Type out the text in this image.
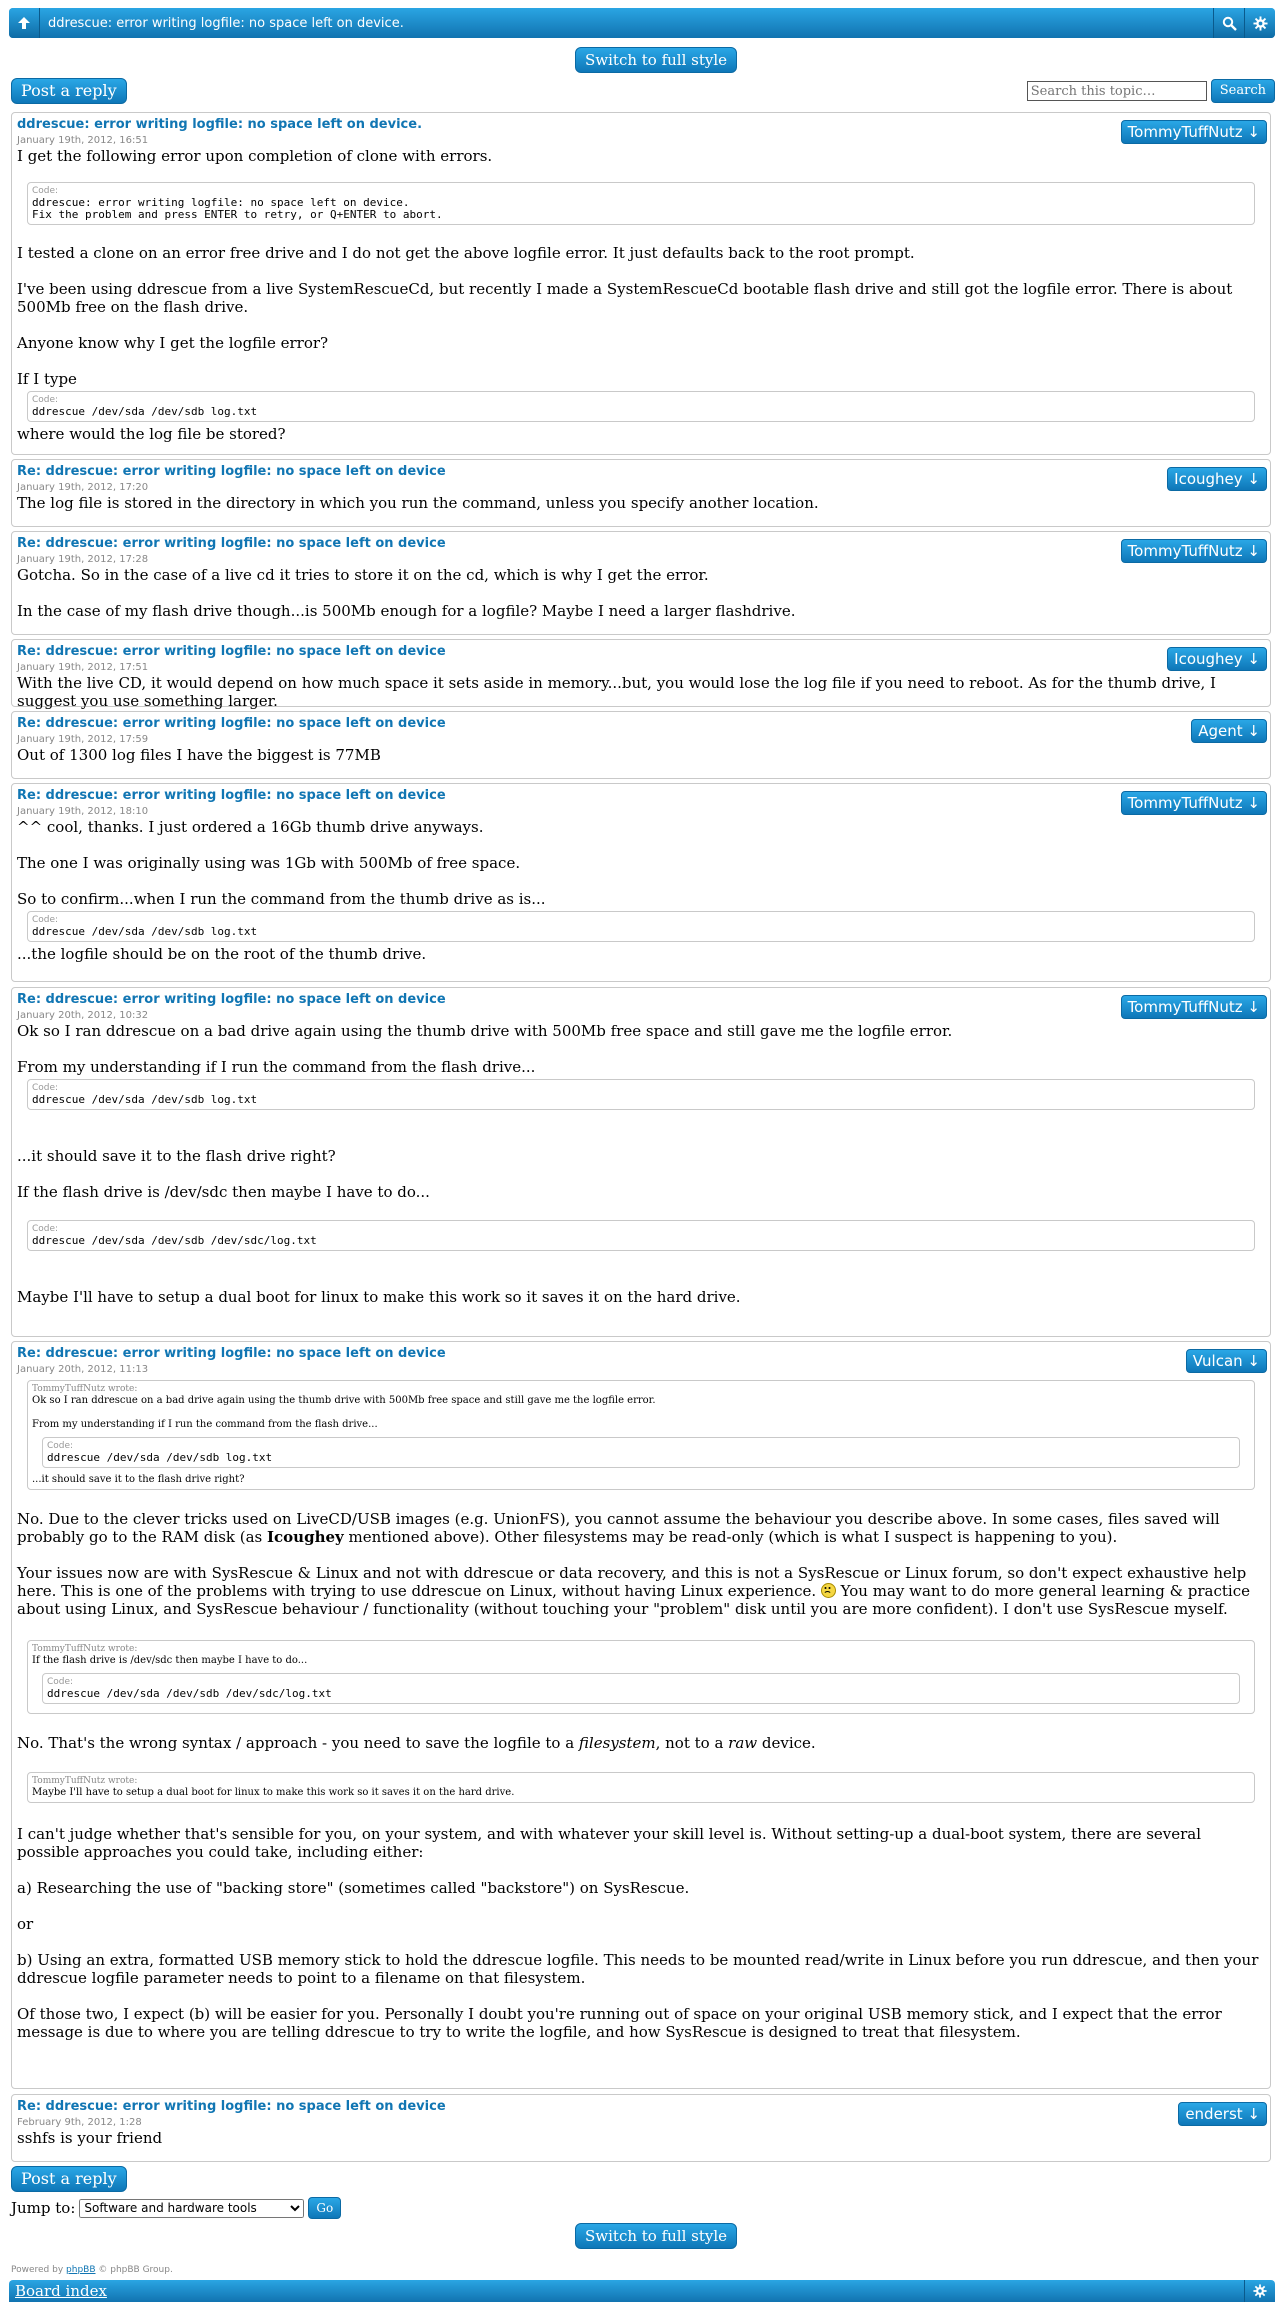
ddrescue: error writing logfile: no space left on device.
Switch to full style
Post a reply
Search this topic…	Search
ddrescue: error writing logfile: no space left on device.
January 19th, 2012, 16:51	TommyTuffNutz ↓

I get the following error upon completion of clone with errors.

Code:
ddrescue: error writing logfile: no space left on device.
Fix the problem and press ENTER to retry, or Q+ENTER to abort.

I tested a clone on an error free drive and I do not get the above logfile error. It just defaults back to the root prompt.

I've been using ddrescue from a live SystemRescueCd, but recently I made a SystemRescueCd bootable flash drive and still got the logfile error. There is about 500Mb free on the flash drive.

Anyone know why I get the logfile error?

If I type

Code:
ddrescue /dev/sda /dev/sdb log.txt

where would the log file be stored?

Re: ddrescue: error writing logfile: no space left on device
January 19th, 2012, 17:20	Icoughey ↓

The log file is stored in the directory in which you run the command, unless you specify another location.

Re: ddrescue: error writing logfile: no space left on device
January 19th, 2012, 17:28	TommyTuffNutz ↓

Gotcha. So in the case of a live cd it tries to store it on the cd, which is why I get the error.

In the case of my flash drive though...is 500Mb enough for a logfile? Maybe I need a larger flashdrive.

Re: ddrescue: error writing logfile: no space left on device
January 19th, 2012, 17:51	Icoughey ↓

With the live CD, it would depend on how much space it sets aside in memory...but, you would lose the log file if you need to reboot. As for the thumb drive, I suggest you use something larger.

Re: ddrescue: error writing logfile: no space left on device
January 19th, 2012, 17:59	Agent ↓

Out of 1300 log files I have the biggest is 77MB

Re: ddrescue: error writing logfile: no space left on device
January 19th, 2012, 18:10	TommyTuffNutz ↓

^^ cool, thanks. I just ordered a 16Gb thumb drive anyways.

The one I was originally using was 1Gb with 500Mb of free space.

So to confirm...when I run the command from the thumb drive as is...

Code:
ddrescue /dev/sda /dev/sdb log.txt

...the logfile should be on the root of the thumb drive.

Re: ddrescue: error writing logfile: no space left on device
January 20th, 2012, 10:32	TommyTuffNutz ↓

Ok so I ran ddrescue on a bad drive again using the thumb drive with 500Mb free space and still gave me the logfile error.

From my understanding if I run the command from the flash drive...

Code:
ddrescue /dev/sda /dev/sdb log.txt

...it should save it to the flash drive right?

If the flash drive is /dev/sdc then maybe I have to do...

Code:
ddrescue /dev/sda /dev/sdb /dev/sdc/log.txt

Maybe I'll have to setup a dual boot for linux to make this work so it saves it on the hard drive.

Re: ddrescue: error writing logfile: no space left on device
January 20th, 2012, 11:13	Vulcan ↓
TommyTuffNutz wrote:

Ok so I ran ddrescue on a bad drive again using the thumb drive with 500Mb free space and still gave me the logfile error.

From my understanding if I run the command from the flash drive...

Code:
ddrescue /dev/sda /dev/sdb log.txt

...it should save it to the flash drive right?

No. Due to the clever tricks used on LiveCD/USB images (e.g. UnionFS), you cannot assume the behaviour you describe above. In some cases, files saved will probably go to the RAM disk (as Icoughey mentioned above). Other filesystems may be read-only (which is what I suspect is happening to you).

Your issues now are with SysRescue & Linux and not with ddrescue or data recovery, and this is not a SysRescue or Linux forum, so don't expect exhaustive help here. This is one of the problems with trying to use ddrescue on Linux, without having Linux experience.
You may want to do more general learning & practice about using Linux, and SysRescue behaviour / functionality (without touching your "problem" disk until you are more confident). I don't use SysRescue myself.

TommyTuffNutz wrote:

If the flash drive is /dev/sdc then maybe I have to do...

Code:
ddrescue /dev/sda /dev/sdb /dev/sdc/log.txt

No. That's the wrong syntax / approach - you need to save the logfile to a filesystem, not to a raw device.

TommyTuffNutz wrote:

Maybe I'll have to setup a dual boot for linux to make this work so it saves it on the hard drive.

I can't judge whether that's sensible for you, on your system, and with whatever your skill level is. Without setting-up a dual-boot system, there are several possible approaches you could take, including either:

a) Researching the use of "backing store" (sometimes called "backstore") on SysRescue.

or

b) Using an extra, formatted USB memory stick to hold the ddrescue logfile. This needs to be mounted read/write in Linux before you run ddrescue, and then your ddrescue logfile parameter needs to point to a filename on that filesystem.

Of those two, I expect (b) will be easier for you. Personally I doubt you're running out of space on your original USB memory stick, and I expect that the error message is due to where you are telling ddrescue to try to write the logfile, and how SysRescue is designed to treat that filesystem.

Re: ddrescue: error writing logfile: no space left on device
February 9th, 2012, 1:28	enderst ↓

sshfs is your friend

Post a reply
Jump to:
Software and hardware tools	Go
Switch to full style
Powered by phpBB © phpBB Group.
Board index
